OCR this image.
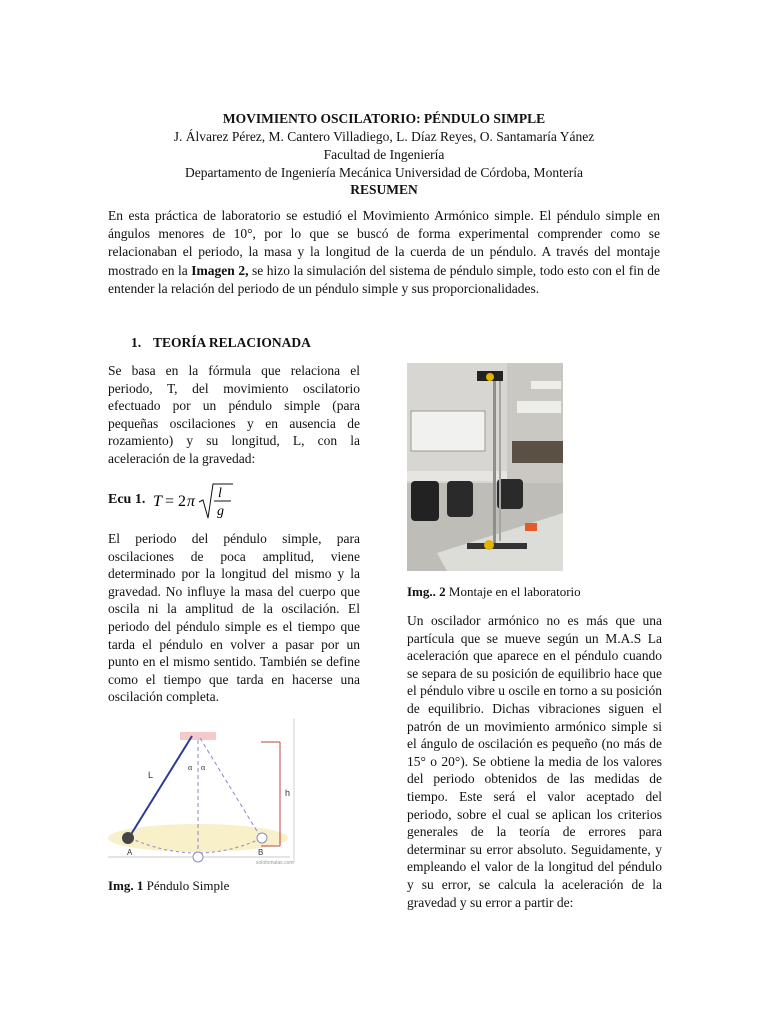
MOVIMIENTO OSCILATORIO: PÉNDULO SIMPLE
J. Álvarez Pérez, M. Cantero Villadiego, L. Díaz Reyes, O. Santamaría Yánez
Facultad de Ingeniería
Departamento de Ingeniería Mecánica Universidad de Córdoba, Montería
RESUMEN
En esta práctica de laboratorio se estudió el Movimiento Armónico simple. El péndulo simple en ángulos menores de 10°, por lo que se buscó de forma experimental comprender como se relacionaban el periodo, la masa y la longitud de la cuerda de un péndulo. A través del montaje mostrado en la Imagen 2, se hizo la simulación del sistema de péndulo simple, todo esto con el fin de entender la relación del periodo de un péndulo simple y sus proporcionalidades.
1. TEORÍA RELACIONADA
Se basa en la fórmula que relaciona el periodo, T, del movimiento oscilatorio efectuado por un péndulo simple (para pequeñas oscilaciones y en ausencia de rozamiento) y su longitud, L, con la aceleración de la gravedad:
Ecu 1. T = 2 π l
g
El periodo del péndulo simple, para oscilaciones de poca amplitud, viene determinado por la longitud del mismo y la gravedad. No influye la masa del cuerpo que oscila ni la amplitud de la oscilación. El periodo del péndulo simple es el tiempo que tarda el péndulo en volver a pasar por un punto en el mismo sentido. También se define como el tiempo que tarda en hacerse una oscilación completa.
L
α α
h
A	B
solofomulas.com
Img. 1 Péndulo Simple
Img.. 2 Montaje en el laboratorio
Un oscilador armónico no es más que una partícula que se mueve según un M.A.S La aceleración que aparece en el péndulo cuando se separa de su posición de equilibrio hace que el péndulo vibre u oscile en torno a su posición de equilibrio. Dichas vibraciones siguen el patrón de un movimiento armónico simple si el ángulo de oscilación es pequeño (no más de 15° o 20°). Se obtiene la media de los valores del periodo obtenidos de las medidas de tiempo. Este será el valor aceptado del periodo, sobre el cual se aplican los criterios generales de la teoría de errores para determinar su error absoluto. Seguidamente, y empleando el valor de la longitud del péndulo y su error, se calcula la aceleración de la gravedad y su error a partir de:
